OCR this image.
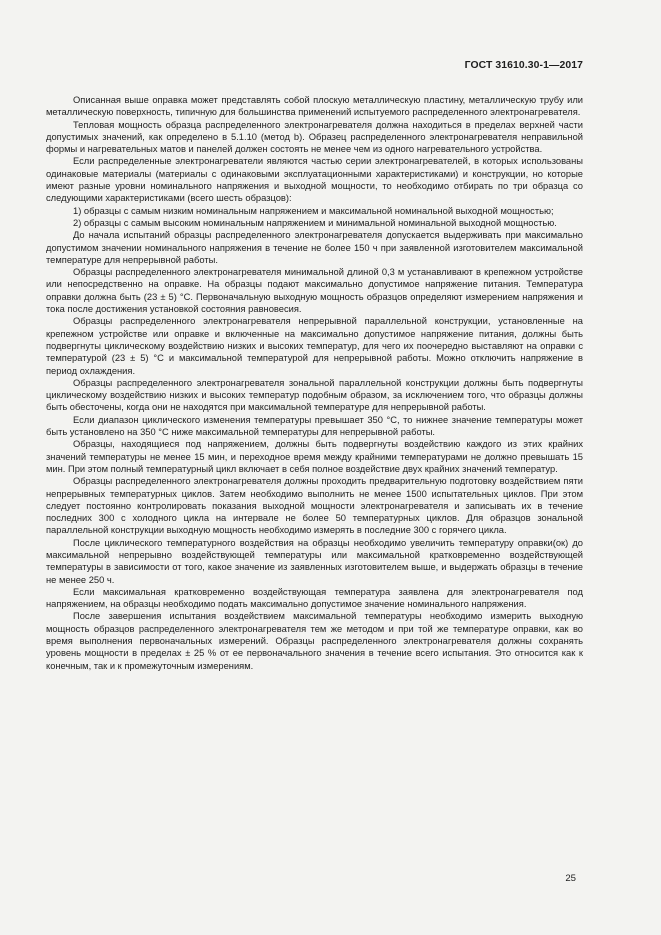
ГОСТ 31610.30-1—2017

Описанная выше оправка может представлять собой плоскую металлическую пластину, металлическую трубу или металлическую поверхность, типичную для большинства применений испытуемого распределенного электронагревателя.

Тепловая мощность образца распределенного электронагревателя должна находиться в пределах верхней части допустимых значений, как определено в 5.1.10 (метод b). Образец распределенного электронагревателя неправильной формы и нагревательных матов и панелей должен состоять не менее чем из одного нагревательного устройства.

Если распределенные электронагреватели являются частью серии электронагревателей, в которых использованы одинаковые материалы (материалы с одинаковыми эксплуатационными характеристиками) и конструкции, но которые имеют разные уровни номинального напряжения и выходной мощности, то необходимо отбирать по три образца со следующими характеристиками (всего шесть образцов):

1) образцы с самым низким номинальным напряжением и максимальной номинальной выходной мощностью;

2) образцы с самым высоким номинальным напряжением и минимальной номинальной выходной мощностью.

До начала испытаний образцы распределенного электронагревателя допускается выдерживать при максимально допустимом значении номинального напряжения в течение не более 150 ч при заявленной изготовителем максимальной температуре для непрерывной работы.

Образцы распределенного электронагревателя минимальной длиной 0,3 м устанавливают в крепежном устройстве или непосредственно на оправке. На образцы подают максимально допустимое напряжение питания. Температура оправки должна быть (23 ± 5) °С. Первоначальную выходную мощность образцов определяют измерением напряжения и тока после достижения установкой состояния равновесия.

Образцы распределенного электронагревателя непрерывной параллельной конструкции, установленные на крепежном устройстве или оправке и включенные на максимально допустимое напряжение питания, должны быть подвергнуты циклическому воздействию низких и высоких температур, для чего их поочередно выставляют на оправки с температурой (23 ± 5) °С и максимальной температурой для непрерывной работы. Можно отключить напряжение в период охлаждения.

Образцы распределенного электронагревателя зональной параллельной конструкции должны быть подвергнуты циклическому воздействию низких и высоких температур подобным образом, за исключением того, что образцы должны быть обесточены, когда они не находятся при максимальной температуре для непрерывной работы.

Если диапазон циклического изменения температуры превышает 350 °С, то нижнее значение температуры может быть установлено на 350 °С ниже максимальной температуры для непрерывной работы.

Образцы, находящиеся под напряжением, должны быть подвергнуты воздействию каждого из этих крайних значений температуры не менее 15 мин, и переходное время между крайними температурами не должно превышать 15 мин. При этом полный температурный цикл включает в себя полное воздействие двух крайних значений температур.

Образцы распределенного электронагревателя должны проходить предварительную подготовку воздействием пяти непрерывных температурных циклов. Затем необходимо выполнить не менее 1500 испытательных циклов. При этом следует постоянно контролировать показания выходной мощности электронагревателя и записывать их в течение последних 300 с холодного цикла на интервале не более 50 температурных циклов. Для образцов зональной параллельной конструкции выходную мощность необходимо измерять в последние 300 с горячего цикла.

После циклического температурного воздействия на образцы необходимо увеличить температуру оправки(ок) до максимальной непрерывно воздействующей температуры или максимальной кратковременно воздействующей температуры в зависимости от того, какое значение из заявленных изготовителем выше, и выдержать образцы в течение не менее 250 ч.

Если максимальная кратковременно воздействующая температура заявлена для электронагревателя под напряжением, на образцы необходимо подать максимально допустимое значение номинального напряжения.

После завершения испытания воздействием максимальной температуры необходимо измерить выходную мощность образцов распределенного электронагревателя тем же методом и при той же температуре оправки, как во время выполнения первоначальных измерений. Образцы распределенного электронагревателя должны сохранять уровень мощности в пределах ± 25 % от ее первоначального значения в течение всего испытания. Это относится как к конечным, так и к промежуточным измерениям.

25
